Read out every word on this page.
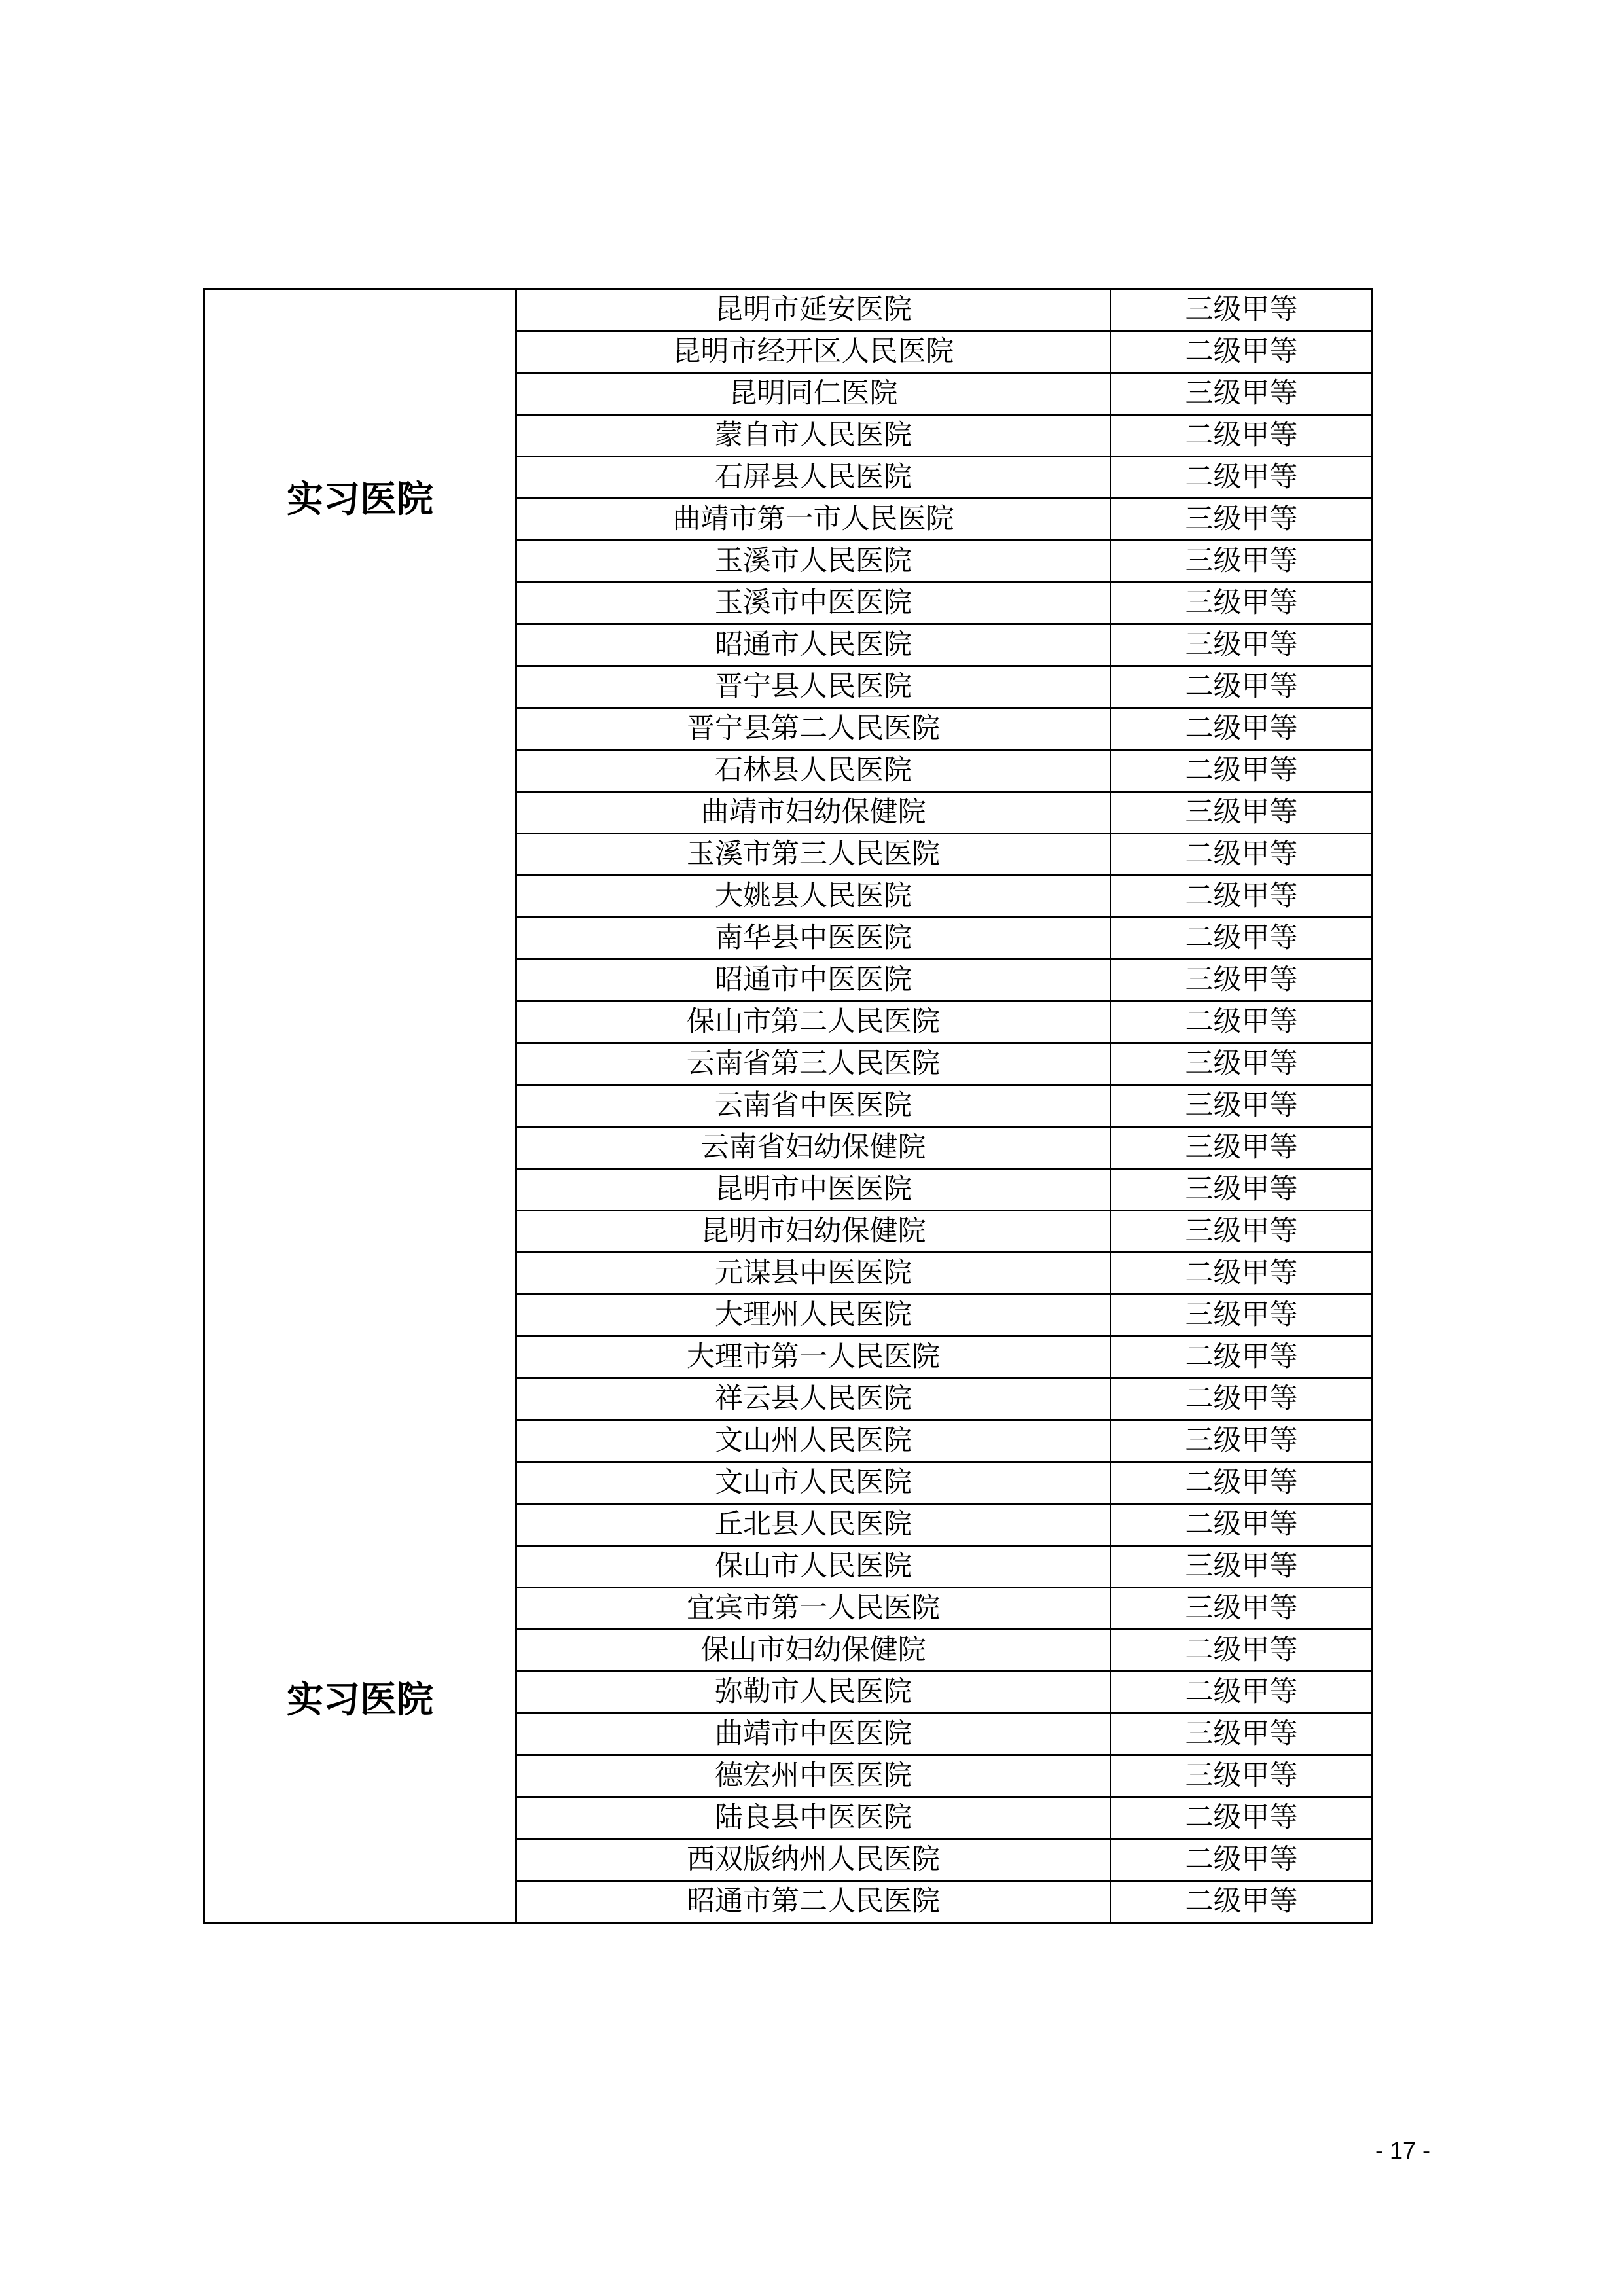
实习医院
实习医院	昆明市延安医院	三级甲等
	昆明市经开区人民医院	二级甲等
	昆明同仁医院	三级甲等
	蒙自市人民医院	二级甲等
	石屏县人民医院	二级甲等
	曲靖市第一市人民医院	三级甲等
	玉溪市人民医院	三级甲等
	玉溪市中医医院	三级甲等
	昭通市人民医院	三级甲等
	晋宁县人民医院	二级甲等
	晋宁县第二人民医院	二级甲等
	石林县人民医院	二级甲等
	曲靖市妇幼保健院	三级甲等
	玉溪市第三人民医院	二级甲等
	大姚县人民医院	二级甲等
	南华县中医医院	二级甲等
	昭通市中医医院	三级甲等
	保山市第二人民医院	二级甲等
	云南省第三人民医院	三级甲等
	云南省中医医院	三级甲等
	云南省妇幼保健院	三级甲等
	昆明市中医医院	三级甲等
	昆明市妇幼保健院	三级甲等
	元谋县中医医院	二级甲等
	大理州人民医院	三级甲等
	大理市第一人民医院	二级甲等
	祥云县人民医院	二级甲等
	文山州人民医院	三级甲等
	文山市人民医院	二级甲等
	丘北县人民医院	二级甲等
	保山市人民医院	三级甲等
	宜宾市第一人民医院	三级甲等
	保山市妇幼保健院	二级甲等
	弥勒市人民医院	二级甲等
	曲靖市中医医院	三级甲等
	德宏州中医医院	三级甲等
	陆良县中医医院	二级甲等
	西双版纳州人民医院	二级甲等
	昭通市第二人民医院	二级甲等
- 17 -
